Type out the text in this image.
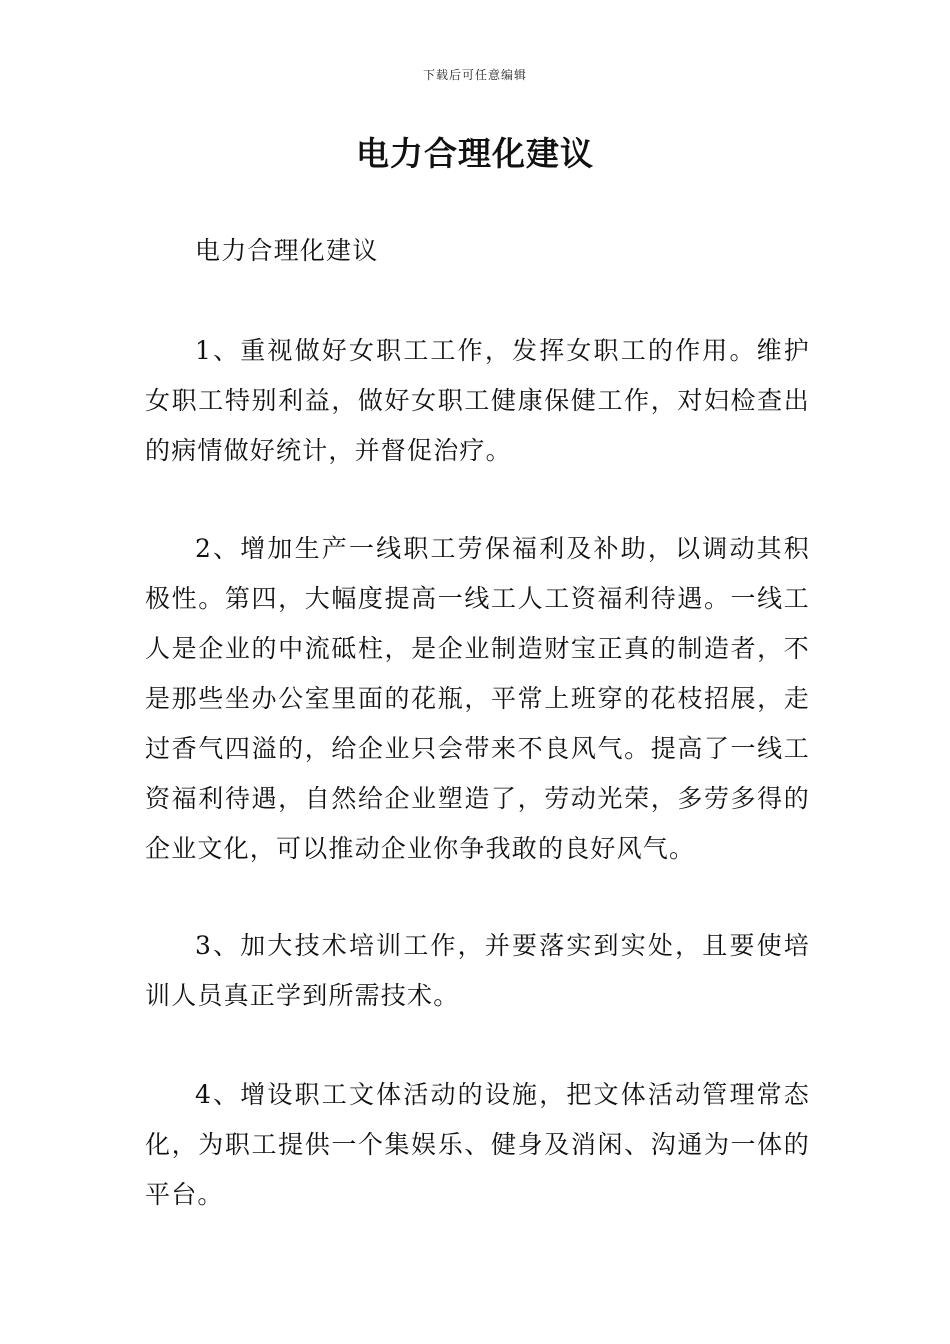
下载后可任意编辑
电力合理化建议
电力合理化建议

1、重视做好女职工工作，发挥女职工的作用。维护女职工特别利益，做好女职工健康保健工作，对妇检查出的病情做好统计，并督促治疗。

2、增加生产一线职工劳保福利及补助，以调动其积极性。第四，大幅度提高一线工人工资福利待遇。一线工人是企业的中流砥柱，是企业制造财宝正真的制造者，不是那些坐办公室里面的花瓶，平常上班穿的花枝招展，走过香气四溢的，给企业只会带来不良风气。提高了一线工资福利待遇，自然给企业塑造了，劳动光荣，多劳多得的企业文化，可以推动企业你争我敢的良好风气。

3、加大技术培训工作，并要落实到实处，且要使培训人员真正学到所需技术。

4、增设职工文体活动的设施，把文体活动管理常态化，为职工提供一个集娱乐、健身及消闲、沟通为一体的平台。
